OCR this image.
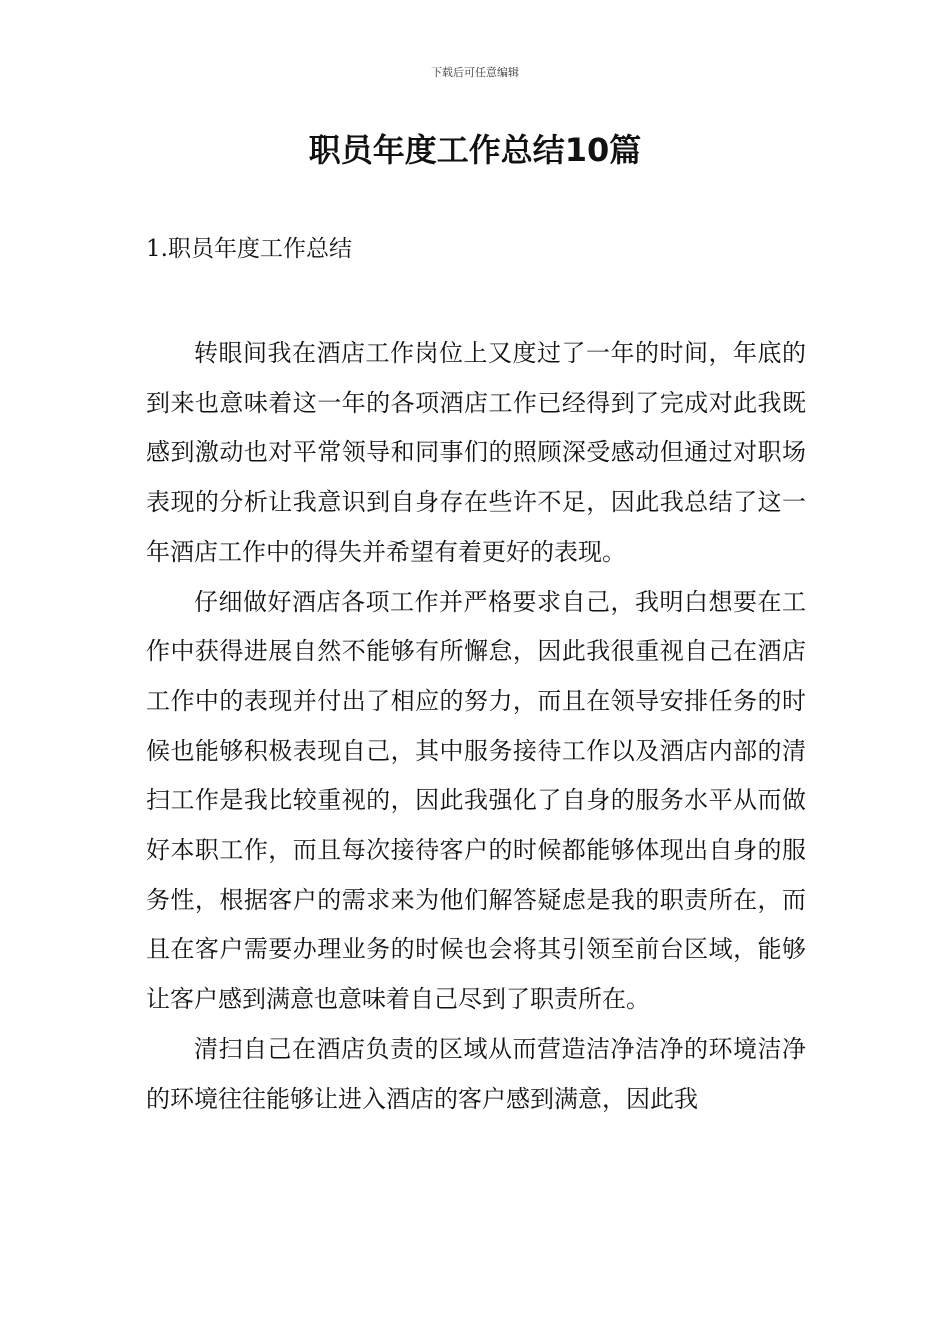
下载后可任意编辑
职员年度工作总结10篇
1.职员年度工作总结

转眼间我在酒店工作岗位上又度过了一年的时间，年底的到来也意味着这一年的各项酒店工作已经得到了完成对此我既感到激动也对平常领导和同事们的照顾深受感动但通过对职场表现的分析让我意识到自身存在些许不足，因此我总结了这一年酒店工作中的得失并希望有着更好的表现。

仔细做好酒店各项工作并严格要求自己，我明白想要在工作中获得进展自然不能够有所懈怠，因此我很重视自己在酒店工作中的表现并付出了相应的努力，而且在领导安排任务的时候也能够积极表现自己，其中服务接待工作以及酒店内部的清扫工作是我比较重视的，因此我强化了自身的服务水平从而做好本职工作，而且每次接待客户的时候都能够体现出自身的服务性，根据客户的需求来为他们解答疑虑是我的职责所在，而且在客户需要办理业务的时候也会将其引领至前台区域，能够让客户感到满意也意味着自己尽到了职责所在。

清扫自己在酒店负责的区域从而营造洁净洁净的环境洁净的环境往往能够让进入酒店的客户感到满意，因此我
